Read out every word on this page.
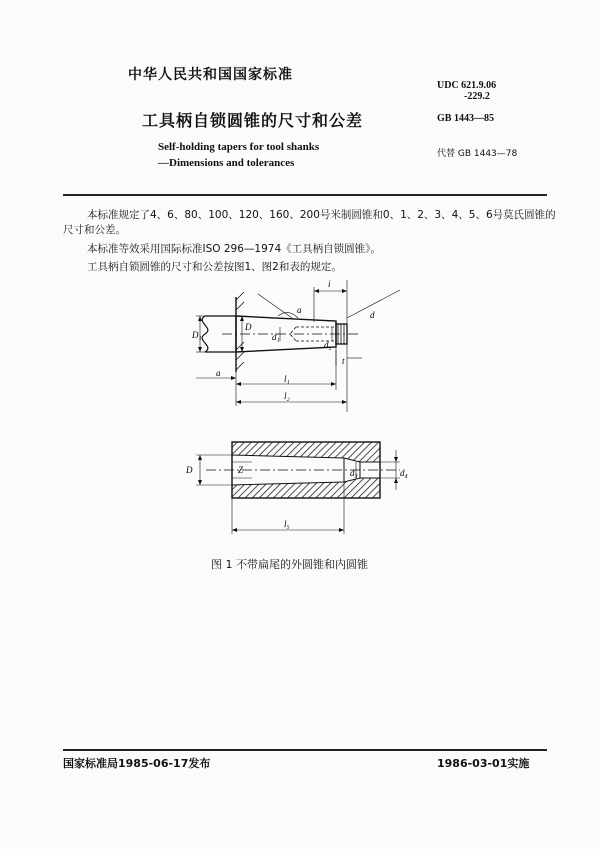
中华人民共和国国家标准
UDC 621.9.06
-229.2
工具柄自锁圆锥的尺寸和公差	GB 1443—85
Self-holding tapers for tool shanks
—Dimensions and tolerances
代替 GB 1443—78
本标准规定了4、6、80、100、120、160、200号米制圆锥和0、1、2、3、4、5、6号莫氏圆锥的
尺寸和公差。
本标准等效采用国际标准ISO 296—1974《工具柄自锁圆锥》。
工具柄自锁圆锥的尺寸和公差按图1、图2和表的规定。
a
i
D₁
D
d
d₁
d₂
t
a
l₁
l₂
D	Z	d₃	d₄
l₅
图 1 不带扁尾的外圆锥和内圆锥
国家标准局1985-06-17发布	1986-03-01实施
